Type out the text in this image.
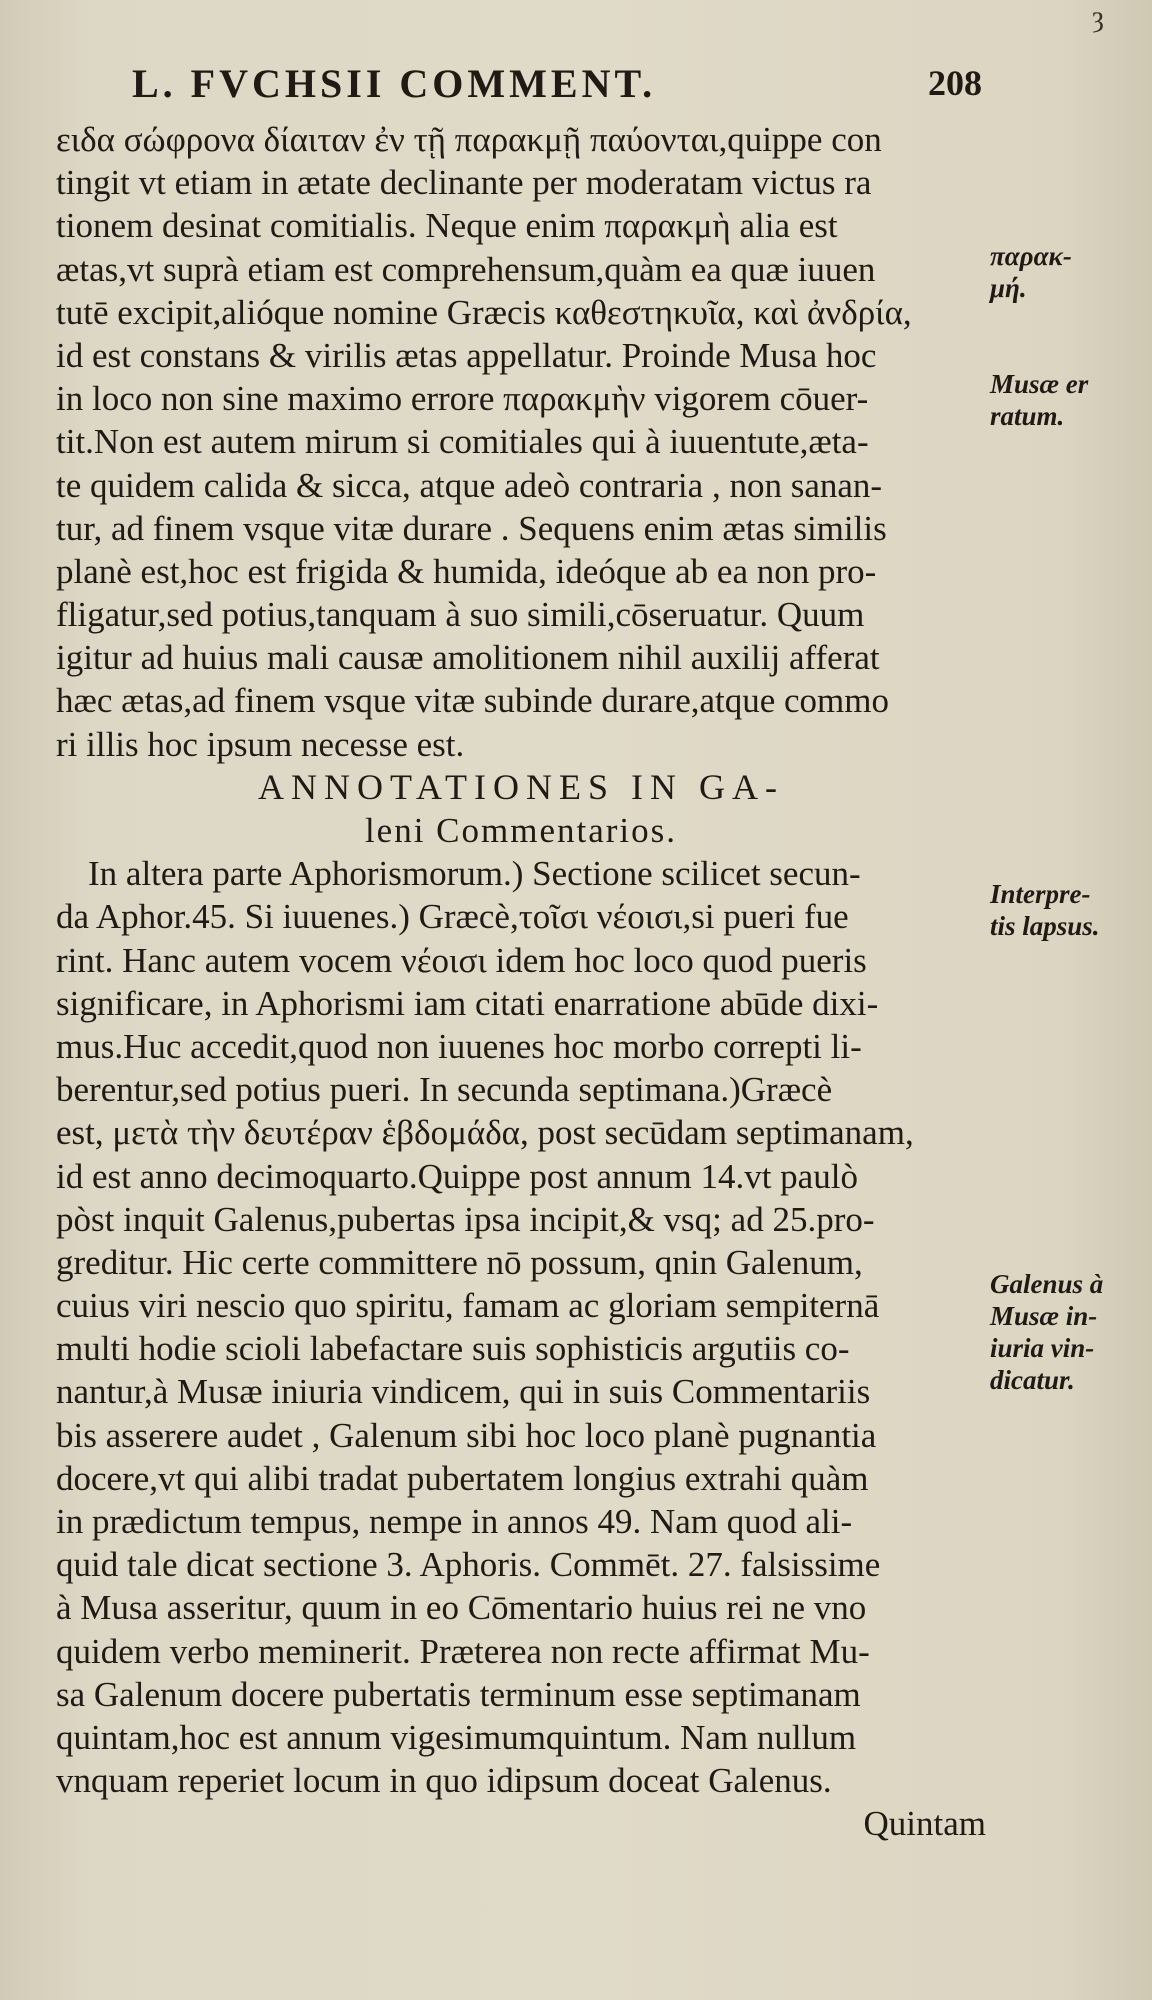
ȝ
L. FVCHSII COMMENT.	208
ειδα σώφρονα δίαιταν ἐν τῇ παρακμῇ παύονται,quippe con
tingit vt etiam in ætate declinante per moderatam victus ra
tionem desinat comitialis. Neque enim παρακμὴ alia est
ætas,vt suprà etiam est comprehensum,quàm ea quæ iuuen
tutē excipit,alióque nomine Græcis καθεστηκυῖα, καὶ ἀνδρία,
id est constans & virilis ætas appellatur. Proinde Musa hoc
in loco non sine maximo errore παρακμὴν vigorem cōuer-
tit.Non est autem mirum si comitiales qui à iuuentute,æta-
te quidem calida & sicca, atque adeò contraria , non sanan-
tur, ad finem vsque vitæ durare . Sequens enim ætas similis
planè est,hoc est frigida & humida, ideóque ab ea non pro-
fligatur,sed potius,tanquam à suo simili,cōseruatur. Quum
igitur ad huius mali causæ amolitionem nihil auxilij afferat
hæc ætas,ad finem vsque vitæ subinde durare,atque commo
ri illis hoc ipsum necesse est.
ANNOTATIONES IN GA-
leni Commentarios.
In altera parte Aphorismorum.) Sectione scilicet secun-
da Aphor.45. Si iuuenes.) Græcè,τοῖσι νέοισι,si pueri fue
rint. Hanc autem vocem νέοισι idem hoc loco quod pueris
significare, in Aphorismi iam citati enarratione abūde dixi-
mus.Huc accedit,quod non iuuenes hoc morbo correpti li-
berentur,sed potius pueri. In secunda septimana.)Græcè
est, μετὰ τὴν δευτέραν ἑβδομάδα, post secūdam septimanam,
id est anno decimoquarto.Quippe post annum 14.vt paulò
pòst inquit Galenus,pubertas ipsa incipit,& vsq; ad 25.pro-
greditur. Hic certe committere nō possum, qnin Galenum,
cuius viri nescio quo spiritu, famam ac gloriam sempiternā
multi hodie scioli labefactare suis sophisticis argutiis co-
nantur,à Musæ iniuria vindicem, qui in suis Commentariis
bis asserere audet , Galenum sibi hoc loco planè pugnantia
docere,vt qui alibi tradat pubertatem longius extrahi quàm
in prædictum tempus, nempe in annos 49. Nam quod ali-
quid tale dicat sectione 3. Aphoris. Commēt. 27. falsissime
à Musa asseritur, quum in eo Cōmentario huius rei ne vno
quidem verbo meminerit. Præterea non recte affirmat Mu-
sa Galenum docere pubertatis terminum esse septimanam
quintam,hoc est annum vigesimumquintum. Nam nullum
vnquam reperiet locum in quo idipsum doceat Galenus.
Quintam
παρακ-
μή.
Musæ er
ratum.
Interpre-
tis lapsus.
Galenus à
Musæ in-
iuria vin-
dicatur.
